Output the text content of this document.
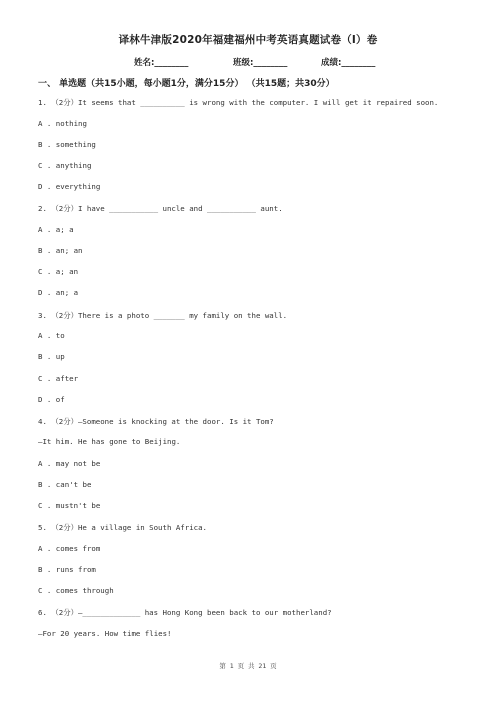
译林牛津版2020年福建福州中考英语真题试卷（I）卷
姓名:________	班级:________	成绩:________
一、 单选题（共15小题，每小题1分，满分15分） （共15题；共30分）
1. （2分）It seems that __________ is wrong with the computer. I will get it repaired soon.
A . nothing
B . something
C . anything
D . everything
2. （2分）I have ___________ uncle and ___________ aunt.
A . a; a
B . an; an
C . a; an
D . an; a
3. （2分）There is a photo _______ my family on the wall.
A . to
B . up
C . after
D . of
4. （2分）—Someone is knocking at the door. Is it Tom?
—It him. He has gone to Beijing.
A . may not be
B . can't be
C . mustn't be
5. （2分）He a village in South Africa.
A . comes from
B . runs from
C . comes through
6. （2分）—_____________ has Hong Kong been back to our motherland?
—For 20 years. How time flies!
第 1 页 共 21 页
